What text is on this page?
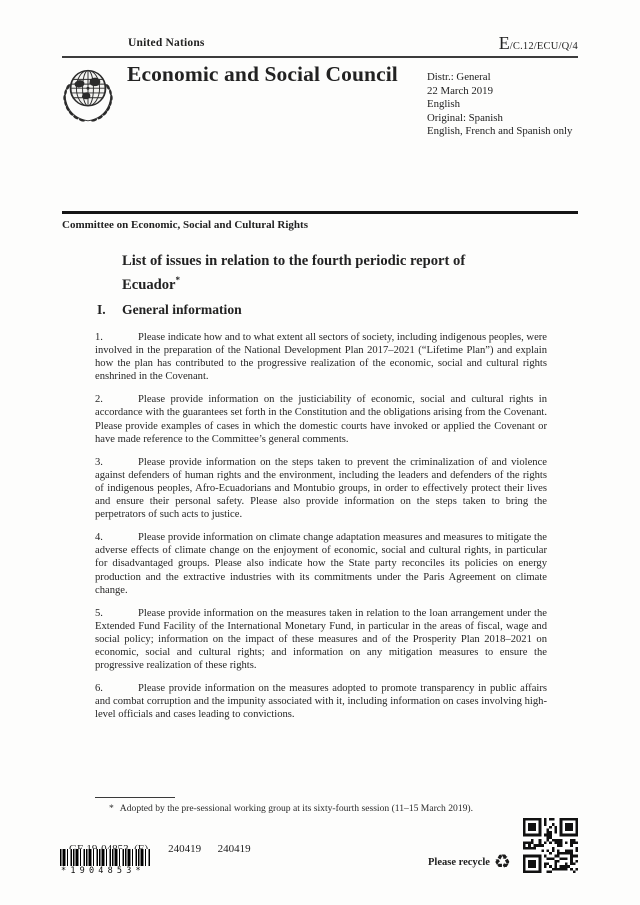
United Nations	E /C.12/ECU/Q/4
Economic and Social Council	Distr.: General
22 March 2019
English
Original: Spanish
English, French and Spanish only
Committee on Economic, Social and Cultural Rights
List of issues in relation to the fourth periodic report of Ecuador*
I. General information

1.	Please indicate how and to what extent all sectors of society, including indigenous peoples, were involved in the preparation of the National Development Plan 2017–2021 (“Lifetime Plan”) and explain how the plan has contributed to the progressive realization of the economic, social and cultural rights enshrined in the Covenant.

2.	Please provide information on the justiciability of economic, social and cultural rights in accordance with the guarantees set forth in the Constitution and the obligations arising from the Covenant. Please provide examples of cases in which the domestic courts have invoked or applied the Covenant or have made reference to the Committee’s general comments.

3.	Please provide information on the steps taken to prevent the criminalization of and violence against defenders of human rights and the environment, including the leaders and defenders of the rights of indigenous peoples, Afro-Ecuadorians and Montubio groups, in order to effectively protect their lives and ensure their personal safety. Please also provide information on the steps taken to bring the perpetrators of such acts to justice.

4.	Please provide information on climate change adaptation measures and measures to mitigate the adverse effects of climate change on the enjoyment of economic, social and cultural rights, in particular for disadvantaged groups. Please also indicate how the State party reconciles its policies on energy production and the extractive industries with its commitments under the Paris Agreement on climate change.

5.	Please provide information on the measures taken in relation to the loan arrangement under the Extended Fund Facility of the International Monetary Fund, in particular in the areas of fiscal, wage and social policy; information on the impact of these measures and of the Prosperity Plan 2018–2021 on economic, social and cultural rights; and information on any mitigation measures to ensure the progressive realization of these rights.

6.	Please provide information on the measures adopted to promote transparency in public affairs and combat corruption and the impunity associated with it, including information on cases involving high-level officials and cases leading to convictions.

* Adopted by the pre-sessional working group at its sixty-fourth session (11–15 March 2019).

240419      240419

*1904853*
Please recycle ♻
